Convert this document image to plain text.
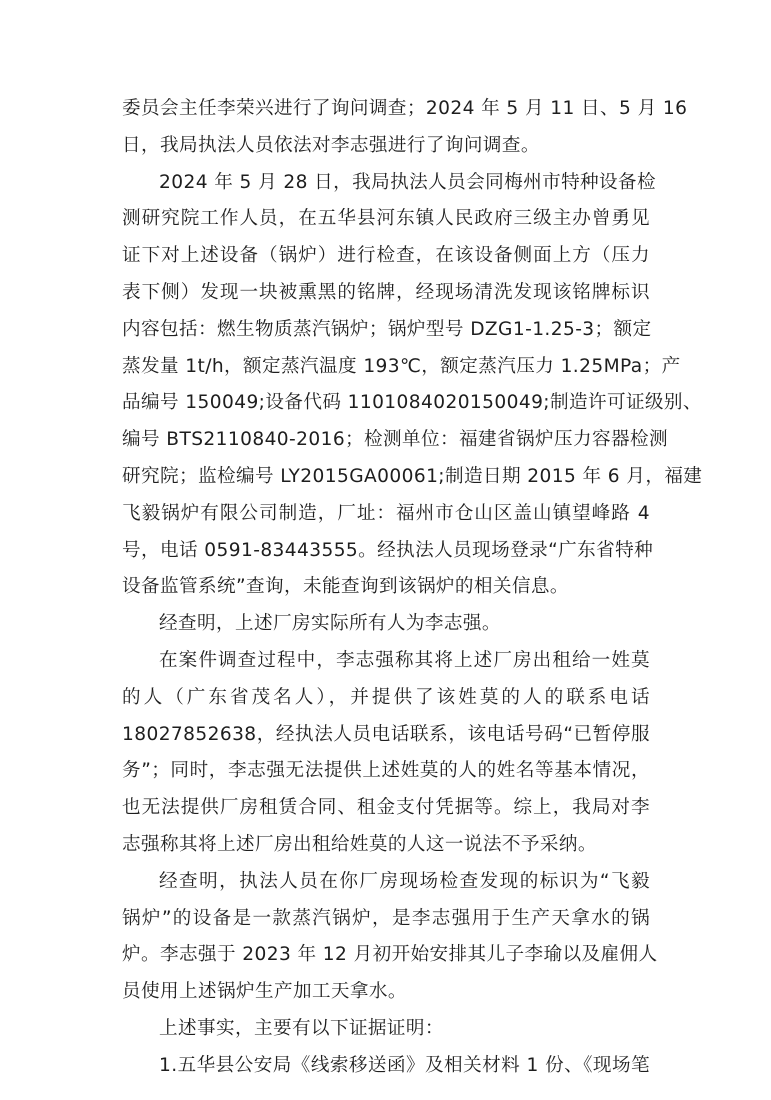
委员会主任李荣兴进行了询问调查；2024 年 5 月 11 日、5 月 16
日，我局执法人员依法对李志强进行了询问调查。
2024 年 5 月 28 日，我局执法人员会同梅州市特种设备检
测研究院工作人员，在五华县河东镇人民政府三级主办曾勇见
证下对上述设备（锅炉）进行检查，在该设备侧面上方（压力
表下侧）发现一块被熏黑的铭牌，经现场清洗发现该铭牌标识
内容包括：燃生物质蒸汽锅炉；锅炉型号 DZG1-1.25-3；额定
蒸发量 1t/h，额定蒸汽温度 193℃，额定蒸汽压力 1.25MPa；产
品编号 150049;设备代码 1101084020150049;制造许可证级别、
编号 BTS2110840-2016；检测单位：福建省锅炉压力容器检测
研究院；监检编号 LY2015GA00061;制造日期 2015 年 6 月，福建
飞毅锅炉有限公司制造，厂址：福州市仓山区盖山镇望峰路 4
号，电话 0591-83443555。经执法人员现场登录“广东省特种
设备监管系统”查询，未能查询到该锅炉的相关信息。
经查明，上述厂房实际所有人为李志强。
在案件调查过程中，李志强称其将上述厂房出租给一姓莫
的人（广东省茂名人），并提供了该姓莫的人的联系电话
18027852638，经执法人员电话联系，该电话号码“已暂停服
务”；同时，李志强无法提供上述姓莫的人的姓名等基本情况，
也无法提供厂房租赁合同、租金支付凭据等。综上，我局对李
志强称其将上述厂房出租给姓莫的人这一说法不予采纳。
经查明，执法人员在你厂房现场检查发现的标识为“飞毅
锅炉”的设备是一款蒸汽锅炉，是李志强用于生产天拿水的锅
炉。李志强于 2023 年 12 月初开始安排其儿子李瑜以及雇佣人
员使用上述锅炉生产加工天拿水。
上述事实，主要有以下证据证明：
1.五华县公安局《线索移送函》及相关材料 1 份、《现场笔
